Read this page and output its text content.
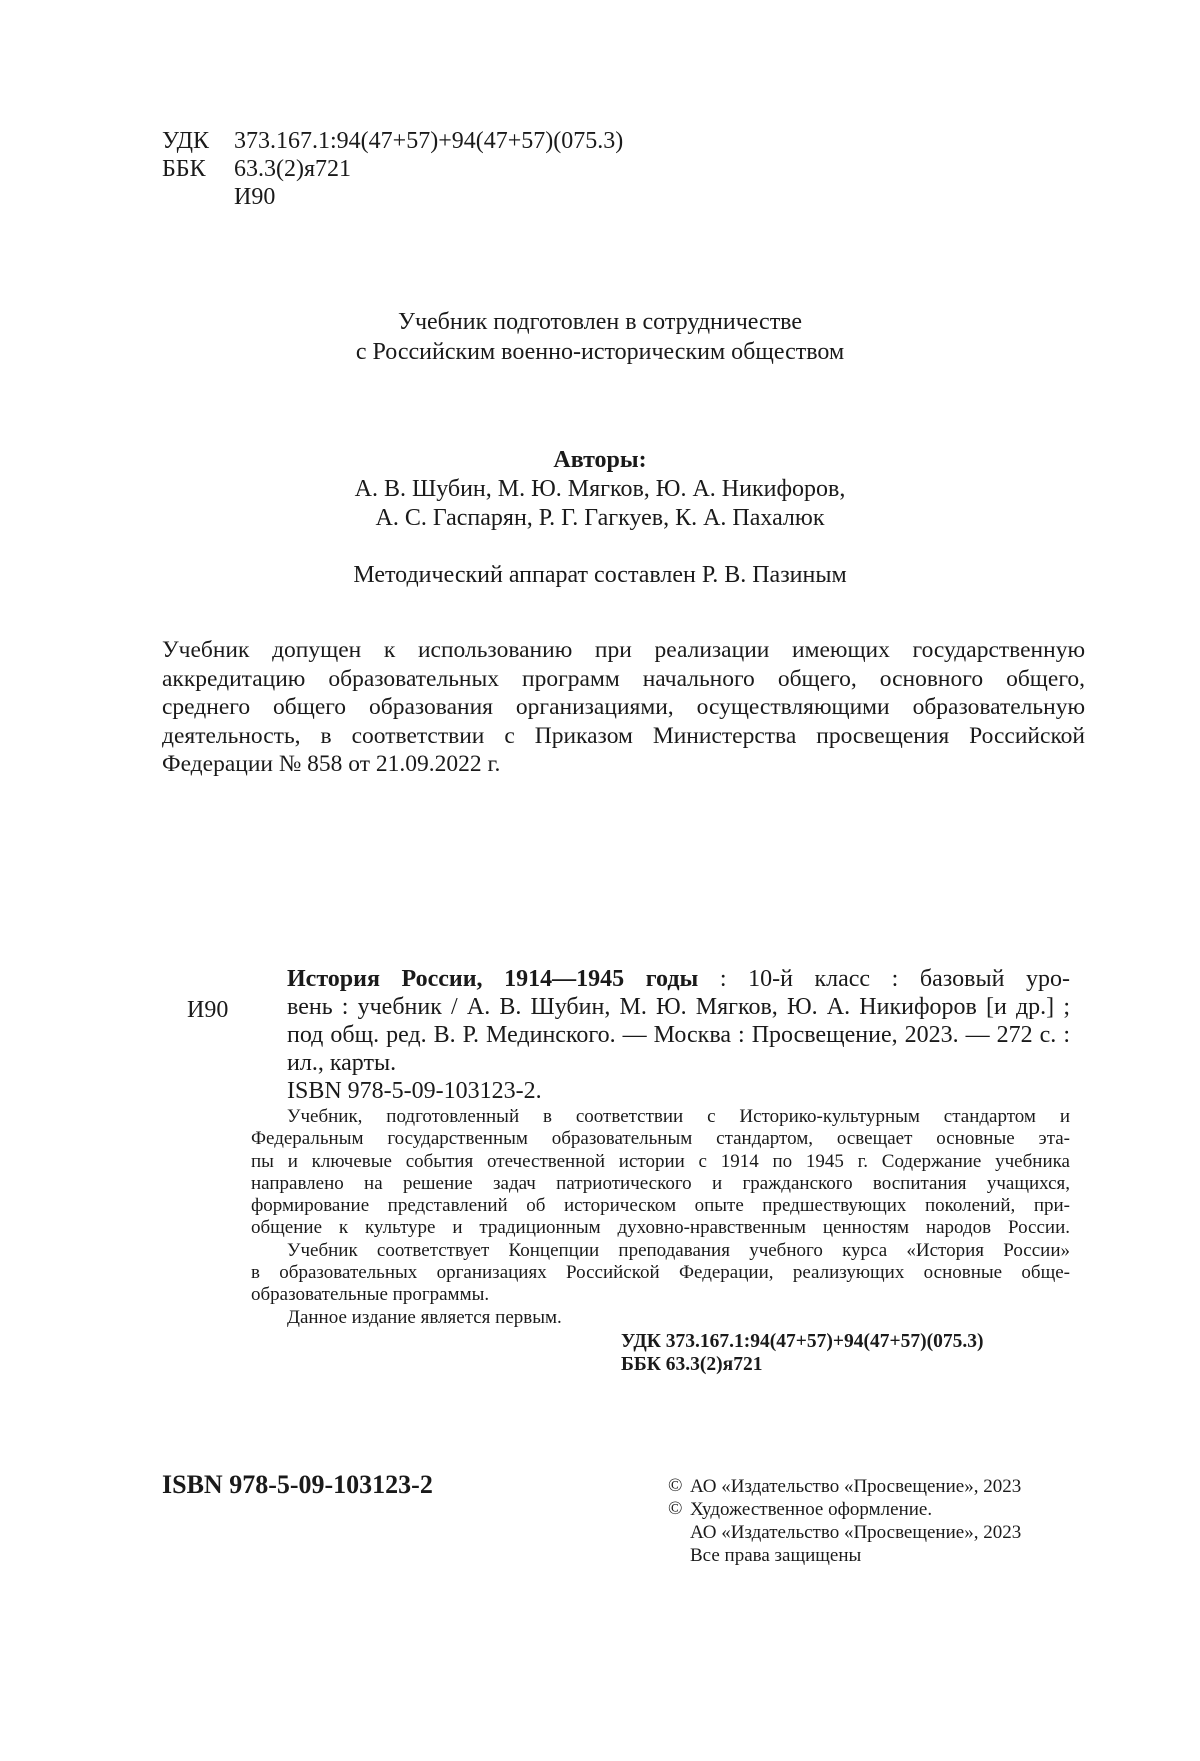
УДК 373.167.1:94(47+57)+94(47+57)(075.3)
ББК 63.3(2)я721
И90
Учебник подготовлен в сотрудничестве
с Российским военно-историческим обществом
Авторы:
А. В. Шубин, М. Ю. Мягков, Ю. А. Никифоров,
А. С. Гаспарян, Р. Г. Гагкуев, К. А. Пахалюк
Методический аппарат составлен Р. В. Пазиным
Учебник допущен к использованию при реализации имеющих государственную
аккредитацию образовательных программ начального общего, основного общего,
среднего общего образования организациями, осуществляющими образовательную
деятельность, в соответствии с Приказом Министерства просвещения Российской
Федерации № 858 от 21.09.2022 г.
И90
История России, 1914—1945 годы : 10-й класс : базовый уро-
вень : учебник / А. В. Шубин, М. Ю. Мягков, Ю. А. Никифоров [и др.] ;
под общ. ред. В. Р. Мединского. — Москва : Просвещение, 2023. — 272 с. :
ил., карты.
ISBN 978-5-09-103123-2.
Учебник, подготовленный в соответствии с Историко-культурным стандартом и
Федеральным государственным образовательным стандартом, освещает основные эта-
пы и ключевые события отечественной истории с 1914 по 1945 г. Содержание учебника
направлено на решение задач патриотического и гражданского воспитания учащихся,
формирование представлений об историческом опыте предшествующих поколений, при-
общение к культуре и традиционным духовно-нравственным ценностям народов России.
Учебник соответствует Концепции преподавания учебного курса «История России»
в образовательных организациях Российской Федерации, реализующих основные обще-
образовательные программы.
Данное издание является первым.
УДК 373.167.1:94(47+57)+94(47+57)(075.3)
ББК 63.3(2)я721
ISBN 978-5-09-103123-2	© АО «Издательство «Просвещение», 2023
© Художественное оформление.
АО «Издательство «Просвещение», 2023
Все права защищены
